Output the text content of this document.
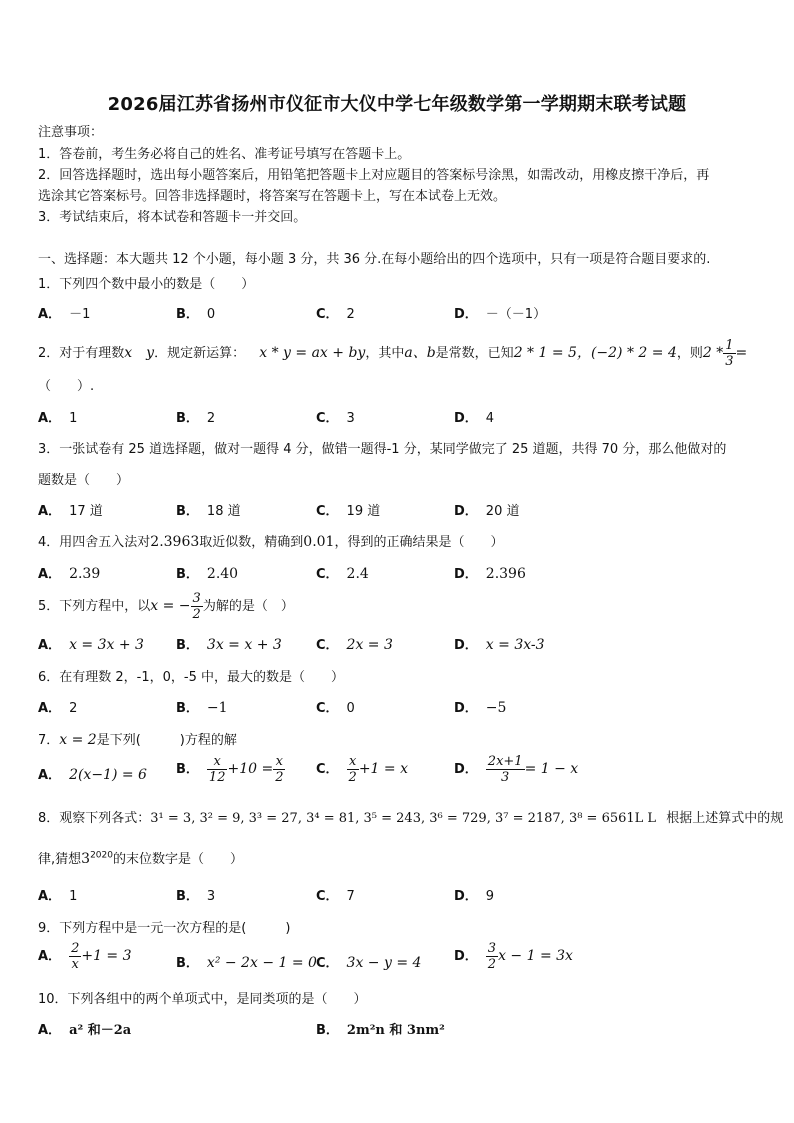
2026届江苏省扬州市仪征市大仪中学七年级数学第一学期期末联考试题
注意事项：
1．答卷前，考生务必将自己的姓名、准考证号填写在答题卡上。
2．回答选择题时，选出每小题答案后，用铅笔把答题卡上对应题目的答案标号涂黑，如需改动，用橡皮擦干净后，再
选涂其它答案标号。回答非选择题时，将答案写在答题卡上，写在本试卷上无效。
3．考试结束后，将本试卷和答题卡一并交回。
一、选择题：本大题共 12 个小题，每小题 3 分，共 36 分.在每小题给出的四个选项中，只有一项是符合题目要求的.
1．下列四个数中最小的数是（　　）
A． －1	B． 0	C． 2	D． －（－1）
2．对于有理数x　y．规定新运算： x * y = ax + by，其中a、b是常数，已知2 * 1 = 5，(−2) * 2 = 4，则$2 * \frac{1}{3}$ =
（　　）.
A． 1	B． 2	C． 3	D． 4
3．一张试卷有 25 道选择题，做对一题得 4 分，做错一题得-1 分，某同学做完了 25 道题，共得 70 分，那么他做对的
题数是（　　）
A． 17 道	B． 18 道	C． 19 道	D． 20 道
4．用四舍五入法对2.3963取近似数，精确到0.01，得到的正确结果是（　　）
A． 2.39	B． 2.40	C． 2.4	D． 2.396
5．下列方程中，以x = − $\frac{3}{2}$ 为解的是（　）
A． x = 3x + 3 B． 3x = x + 3	C． 2x = 3	D． x = 3x-3
6．在有理数 2，-1，0，-5 中，最大的数是（　　）
A． 2	B． −1	C． 0	D． −5
7．x = 2是下列(　　　)方程的解
A． 2(x−1) = 6 B． $\frac{x}{12} +10 = \frac{x}{2}$ C． $\frac{x}{2} +1 = x$	D． $\frac{2x+1}{3} = 1 - x$
8．观察下列各式：3¹ = 3, 3² = 9, 3³ = 27, 3⁴ = 81, 3⁵ = 243, 3⁶ = 729, 3⁷ = 2187, 3⁸ = 6561L L 根据上述算式中的规
律,猜想$3^{2020}$的末位数字是（　　）
A． 1	B． 3	C． 7	D． 9
9．下列方程中是一元一次方程的是(　　　)
A． $\frac{2}{x} +1 = 3$	B． x² − 2x − 1 = 0 C． 3x − y = 4	D． $\frac{3}{2}$ x − 1 = 3x
10．下列各组中的两个单项式中，是同类项的是（　　）
A． a² 和－2a	B． 2m²n 和 3nm²
